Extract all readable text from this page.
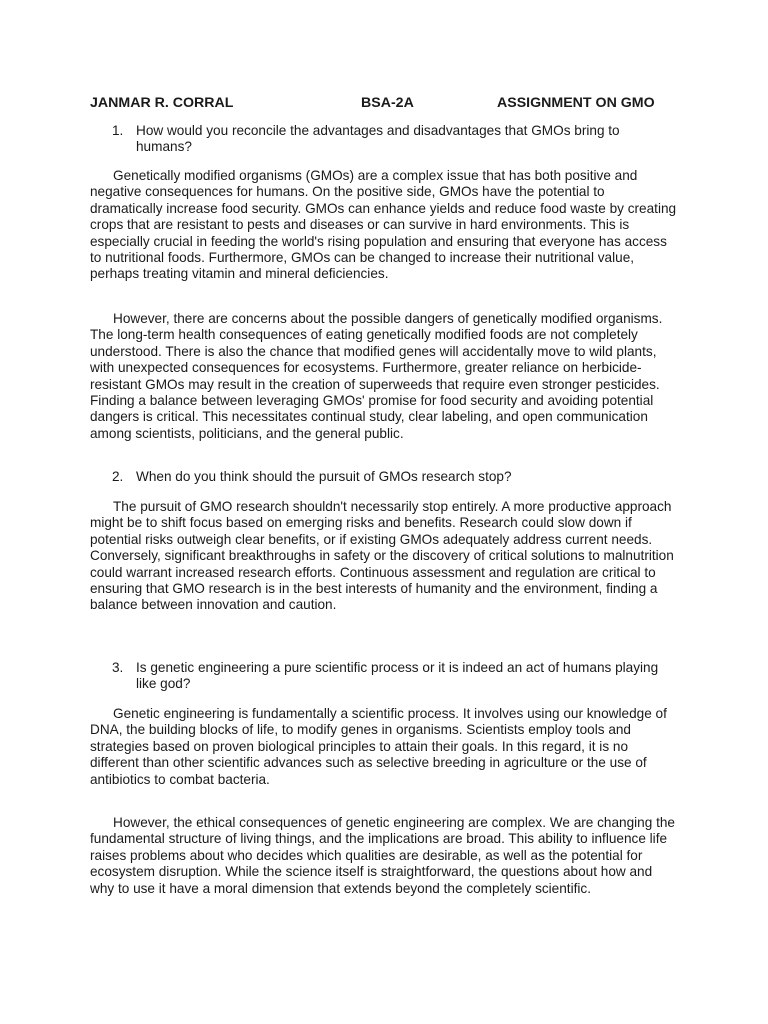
JANMAR R. CORRAL	BSA-2A	ASSIGNMENT ON GMO
1. How would you reconcile the advantages and disadvantages that GMOs bring to humans?

Genetically modified organisms (GMOs) are a complex issue that has both positive and negative consequences for humans. On the positive side, GMOs have the potential to dramatically increase food security. GMOs can enhance yields and reduce food waste by creating crops that are resistant to pests and diseases or can survive in hard environments. This is especially crucial in feeding the world's rising population and ensuring that everyone has access to nutritional foods. Furthermore, GMOs can be changed to increase their nutritional value, perhaps treating vitamin and mineral deficiencies.

However, there are concerns about the possible dangers of genetically modified organisms. The long-term health consequences of eating genetically modified foods are not completely understood. There is also the chance that modified genes will accidentally move to wild plants, with unexpected consequences for ecosystems. Furthermore, greater reliance on herbicide-resistant GMOs may result in the creation of superweeds that require even stronger pesticides. Finding a balance between leveraging GMOs' promise for food security and avoiding potential dangers is critical. This necessitates continual study, clear labeling, and open communication among scientists, politicians, and the general public.

2. When do you think should the pursuit of GMOs research stop?

The pursuit of GMO research shouldn't necessarily stop entirely. A more productive approach might be to shift focus based on emerging risks and benefits. Research could slow down if potential risks outweigh clear benefits, or if existing GMOs adequately address current needs. Conversely, significant breakthroughs in safety or the discovery of critical solutions to malnutrition could warrant increased research efforts. Continuous assessment and regulation are critical to ensuring that GMO research is in the best interests of humanity and the environment, finding a balance between innovation and caution.

3. Is genetic engineering a pure scientific process or it is indeed an act of humans playing like god?

Genetic engineering is fundamentally a scientific process. It involves using our knowledge of DNA, the building blocks of life, to modify genes in organisms. Scientists employ tools and strategies based on proven biological principles to attain their goals. In this regard, it is no different than other scientific advances such as selective breeding in agriculture or the use of antibiotics to combat bacteria.

However, the ethical consequences of genetic engineering are complex. We are changing the fundamental structure of living things, and the implications are broad. This ability to influence life raises problems about who decides which qualities are desirable, as well as the potential for ecosystem disruption. While the science itself is straightforward, the questions about how and why to use it have a moral dimension that extends beyond the completely scientific.
